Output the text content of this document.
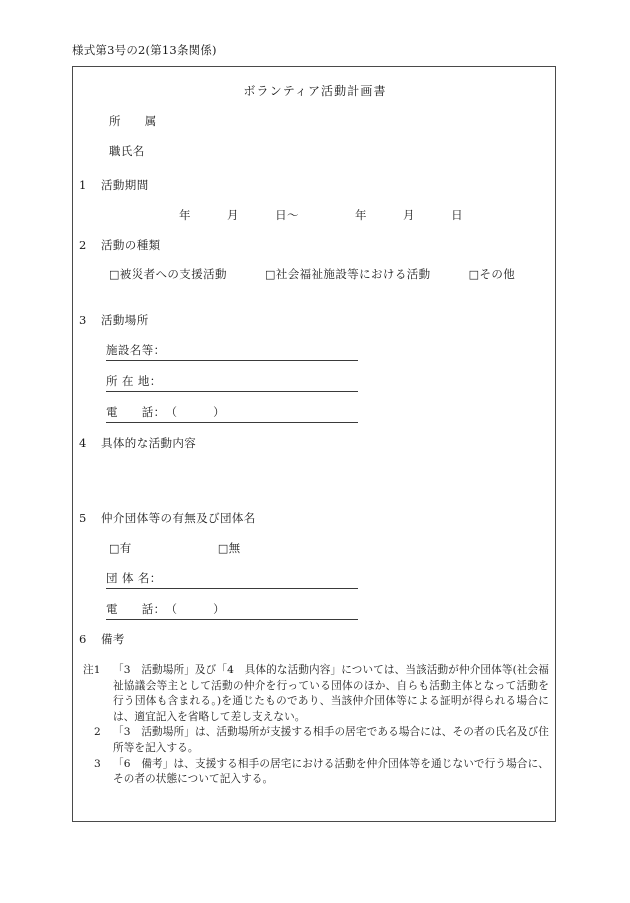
様式第3号の2(第13条関係)
ボランティア活動計画書
所　　属
職氏名
1 活動期間
年	月	日～	年	月	日
2 活動の種類
□被災者への支援活動	□社会福祉施設等における活動	□その他
3 活動場所
施設名等：
所 在 地：
電　　話：（　　　）
4 具体的な活動内容
5 仲介団体等の有無及び団体名
□有	□無
団 体 名：
電　　話：（　　　）
6 備考
注1	「3　活動場所」及び「4　具体的な活動内容」については、当該活動が仲介団体等(社会福祉協議会等主として活動の仲介を行っている団体のほか、自らも活動主体となって活動を行う団体も含まれる。)を通じたものであり、当該仲介団体等による証明が得られる場合には、適宜記入を省略して差し支えない。
2	「3　活動場所」は、活動場所が支援する相手の居宅である場合には、その者の氏名及び住所等を記入する。
3	「6　備考」は、支援する相手の居宅における活動を仲介団体等を通じないで行う場合に、その者の状態について記入する。
